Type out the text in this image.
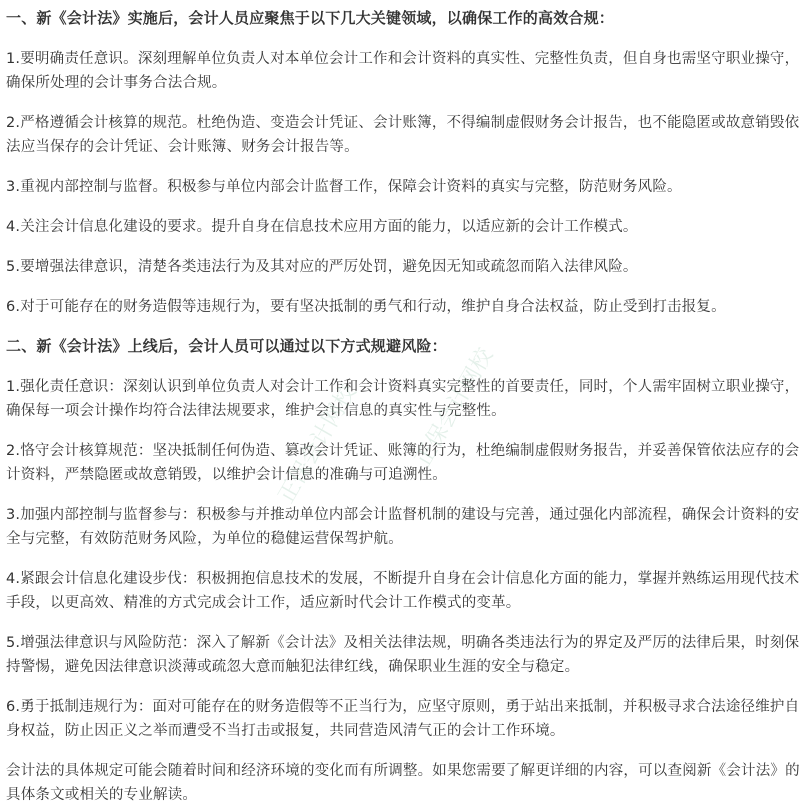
一、新《会计法》实施后，会计人员应聚焦于以下几大关键领域，以确保工作的高效合规：

1.要明确责任意识。深刻理解单位负责人对本单位会计工作和会计资料的真实性、完整性负责，但自身也需坚守职业操守，确保所处理的会计事务合法合规。

2.严格遵循会计核算的规范。杜绝伪造、变造会计凭证、会计账簿，不得编制虚假财务会计报告，也不能隐匿或故意销毁依法应当保存的会计凭证、会计账簿、财务会计报告等。

3.重视内部控制与监督。积极参与单位内部会计监督工作，保障会计资料的真实与完整，防范财务风险。

4.关注会计信息化建设的要求。提升自身在信息技术应用方面的能力，以适应新的会计工作模式。

5.要增强法律意识，清楚各类违法行为及其对应的严厉处罚，避免因无知或疏忽而陷入法律风险。

6.对于可能存在的财务造假等违规行为，要有坚决抵制的勇气和行动，维护自身合法权益，防止受到打击报复。

二、新《会计法》上线后，会计人员可以通过以下方式规避风险：

1.强化责任意识：深刻认识到单位负责人对会计工作和会计资料真实完整性的首要责任，同时，个人需牢固树立职业操守，确保每一项会计操作均符合法律法规要求，维护会计信息的真实性与完整性。

2.恪守会计核算规范：坚决抵制任何伪造、篡改会计凭证、账簿的行为，杜绝编制虚假财务报告，并妥善保管依法应存的会计资料，严禁隐匿或故意销毁，以维护会计信息的准确与可追溯性。

3.加强内部控制与监督参与：积极参与并推动单位内部会计监督机制的建设与完善，通过强化内部流程，确保会计资料的安全与完整，有效防范财务风险，为单位的稳健运营保驾护航。

4.紧跟会计信息化建设步伐：积极拥抱信息技术的发展，不断提升自身在会计信息化方面的能力，掌握并熟练运用现代技术手段，以更高效、精准的方式完成会计工作，适应新时代会计工作模式的变革。

5.增强法律意识与风险防范：深入了解新《会计法》及相关法律法规，明确各类违法行为的界定及严厉的法律后果，时刻保持警惕，避免因法律意识淡薄或疏忽大意而触犯法律红线，确保职业生涯的安全与稳定。

6.勇于抵制违规行为：面对可能存在的财务造假等不正当行为，应坚守原则，勇于站出来抵制，并积极寻求合法途径维护自身权益，防止因正义之举而遭受不当打击或报复，共同营造风清气正的会计工作环境。

会计法的具体规定可能会随着时间和经济环境的变化而有所调整。如果您需要了解更详细的内容，可以查阅新《会计法》的具体条文或相关的专业解读。

正保会计网校 正保会计网校
